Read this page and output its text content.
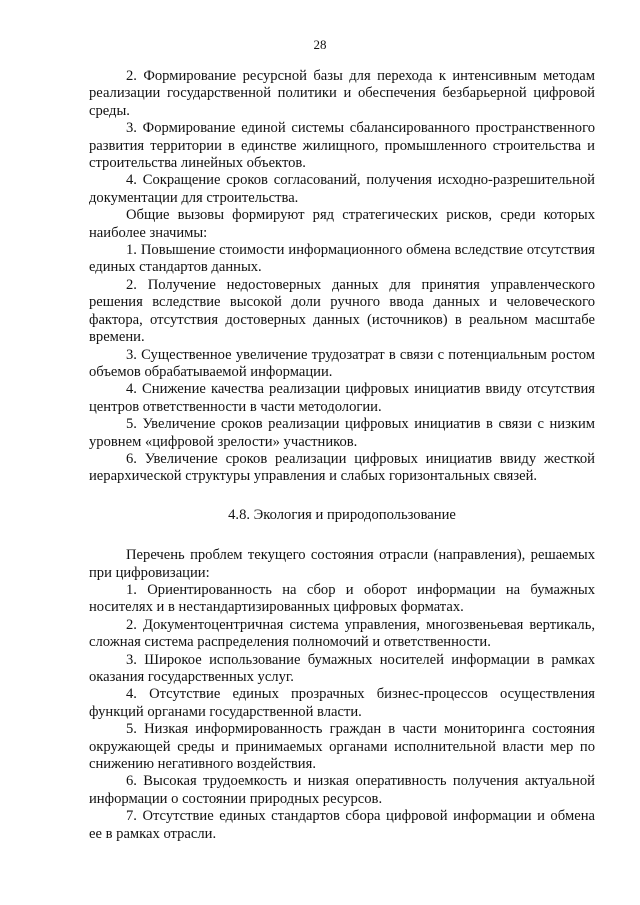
28

2. Формирование ресурсной базы для перехода к интенсивным методам реализации государственной политики и обеспечения безбарьерной цифровой среды.

3. Формирование единой системы сбалансированного пространственного развития территории в единстве жилищного, промышленного строительства и строительства линейных объектов.

4. Сокращение сроков согласований, получения исходно-разрешительной документации для строительства.

Общие вызовы формируют ряд стратегических рисков, среди которых наиболее значимы:

1. Повышение стоимости информационного обмена вследствие отсутствия единых стандартов данных.

2. Получение недостоверных данных для принятия управленческого решения вследствие высокой доли ручного ввода данных и человеческого фактора, отсутствия достоверных данных (источников) в реальном масштабе времени.

3. Существенное увеличение трудозатрат в связи с потенциальным ростом объемов обрабатываемой информации.

4. Снижение качества реализации цифровых инициатив ввиду отсутствия центров ответственности в части методологии.

5. Увеличение сроков реализации цифровых инициатив в связи с низким уровнем «цифровой зрелости» участников.

6. Увеличение сроков реализации цифровых инициатив ввиду жесткой иерархической структуры управления и слабых горизонтальных связей.

4.8. Экология и природопользование

Перечень проблем текущего состояния отрасли (направления), решаемых при цифровизации:

1. Ориентированность на сбор и оборот информации на бумажных носителях и в нестандартизированных цифровых форматах.

2. Документоцентричная система управления, многозвеньевая вертикаль, сложная система распределения полномочий и ответственности.

3. Широкое использование бумажных носителей информации в рамках оказания государственных услуг.

4. Отсутствие единых прозрачных бизнес-процессов осуществления функций органами государственной власти.

5. Низкая информированность граждан в части мониторинга состояния окружающей среды и принимаемых органами исполнительной власти мер по снижению негативного воздействия.

6. Высокая трудоемкость и низкая оперативность получения актуальной информации о состоянии природных ресурсов.

7. Отсутствие единых стандартов сбора цифровой информации и обмена ее в рамках отрасли.
